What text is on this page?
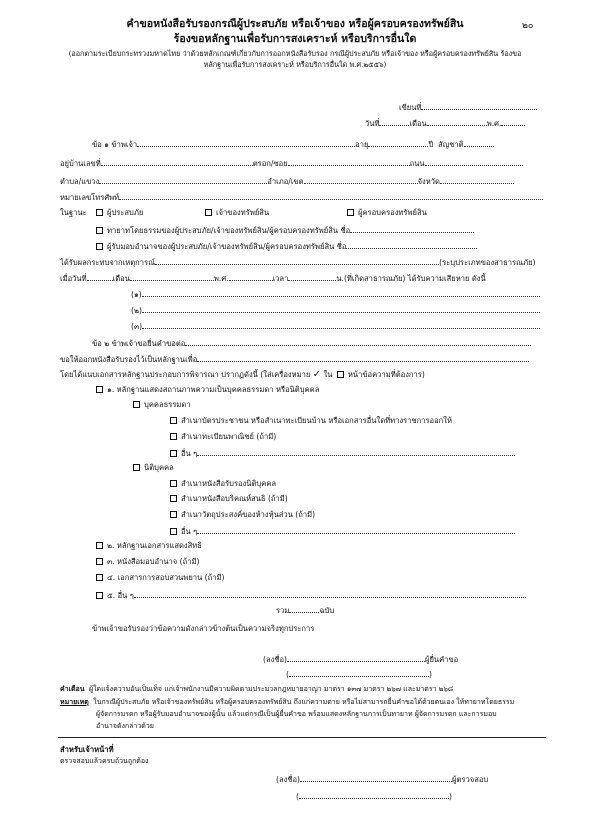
คำขอหนังสือรับรองกรณีผู้ประสบภัย หรือเจ้าของ หรือผู้ครอบครองทรัพย์สิน	๒๐
ร้องขอหลักฐานเพื่อรับการสงเคราะห์ หรือบริการอื่นใด
(ออกตามระเบียบกระทรวงมหาดไทย ว่าด้วยหลักเกณฑ์เกี่ยวกับการออกหนังสือรับรอง กรณีผู้ประสบภัย หรือเจ้าของ หรือผู้ครอบครองทรัพย์สิน ร้องขอ
หลักฐานเพื่อรับการสงเคราะห์ หรือบริการอื่นใด พ.ศ.๒๕๕๖)
เขียนที่
วันที่	เดือน	พ.ศ.
ข้อ ๑ ข้าพเจ้า	อายุ	ปี สัญชาติ
อยู่บ้านเลขที่	ตรอก/ซอย	ถนน
ตำบล/แขวง	อำเภอ/เขต	จังหวัด
หมายเลขโทรศัพท์
ในฐานะ	ผู้ประสบภัย	เจ้าของทรัพย์สิน	ผู้ครอบครองทรัพย์สิน
ทายาทโดยธรรมของผู้ประสบภัย/เจ้าของทรัพย์สิน/ผู้ครอบครองทรัพย์สิน ชื่อ
ผู้รับมอบอำนาจของผู้ประสบภัย/เจ้าของทรัพย์สิน/ผู้ครอบครองทรัพย์สิน ชื่อ
ได้รับผลกระทบจากเหตุการณ์	(ระบุประเภทของสาธารณภัย)
เมื่อวันที่	เดือน	พ.ศ.	เวลา	น.(ที่เกิดสาธารณภัย) ได้รับความเสียหาย ดังนี้
(๑)
(๒)
(๓)
ข้อ ๒ ข้าพเจ้าขอยื่นคำขอต่อ
ขอให้ออกหนังสือรับรองไว้เป็นหลักฐานเพื่อ
โดยได้แนบเอกสารหลักฐานประกอบการพิจารณา ปรากฏดังนี้ (ใส่เครื่องหมาย ✓ ใน หน้าข้อความที่ต้องการ)
๑. หลักฐานแสดงสถานภาพความเป็นบุคคลธรรมดา หรือนิติบุคคล
บุคคลธรรมดา
สำเนาบัตรประชาชน หรือสำเนาทะเบียนบ้าน หรือเอกสารอื่นใดที่ทางราชการออกให้
สำเนาทะเบียนพาณิชย์ (ถ้ามี)
อื่น ๆ
นิติบุคคล
สำเนาหนังสือรับรองนิติบุคคล
สำเนาหนังสือบริคณห์สนธิ (ถ้ามี)
สำเนาวัตถุประสงค์ของห้างหุ้นส่วน (ถ้ามี)
อื่น ๆ
๒. หลักฐานเอกสารแสดงสิทธิ
๓. หนังสือมอบอำนาจ (ถ้ามี)
๔. เอกสารการสอบสวนพยาน (ถ้ามี)
๕. อื่น ๆ
รวม	ฉบับ
ข้าพเจ้าขอรับรองว่าข้อความดังกล่าวข้างต้นเป็นความจริงทุกประการ
(ลงชื่อ)	ผู้ยื่นคำขอ
(	)
คำเตือน ผู้ใดแจ้งความอันเป็นเท็จ แก่เจ้าพนักงานมีความผิดตามประมวลกฎหมายอาญา มาตรา ๑๓๗ มาตรา ๒๖๗ และมาตรา ๒๖๘
หมายเหตุ ในกรณีผู้ประสบภัย หรือเจ้าของทรัพย์สิน หรือผู้ครอบครองทรัพย์สิน ถึงแก่ความตาย หรือไม่สามารถยื่นคำขอได้ด้วยตนเอง ให้ทายาทโดยธรรม
ผู้จัดการมรดก หรือผู้รับมอบอำนาจของผู้นั้น แล้วแต่กรณีเป็นผู้ยื่นคำขอ พร้อมแสดงหลักฐานการเป็นทายาท ผู้จัดการมรดก และการมอบ
อำนาจดังกล่าวด้วย
สำหรับเจ้าหน้าที่
ตรวจสอบแล้วครบถ้วนถูกต้อง
(ลงชื่อ)	ผู้ตรวจสอบ
(	)
